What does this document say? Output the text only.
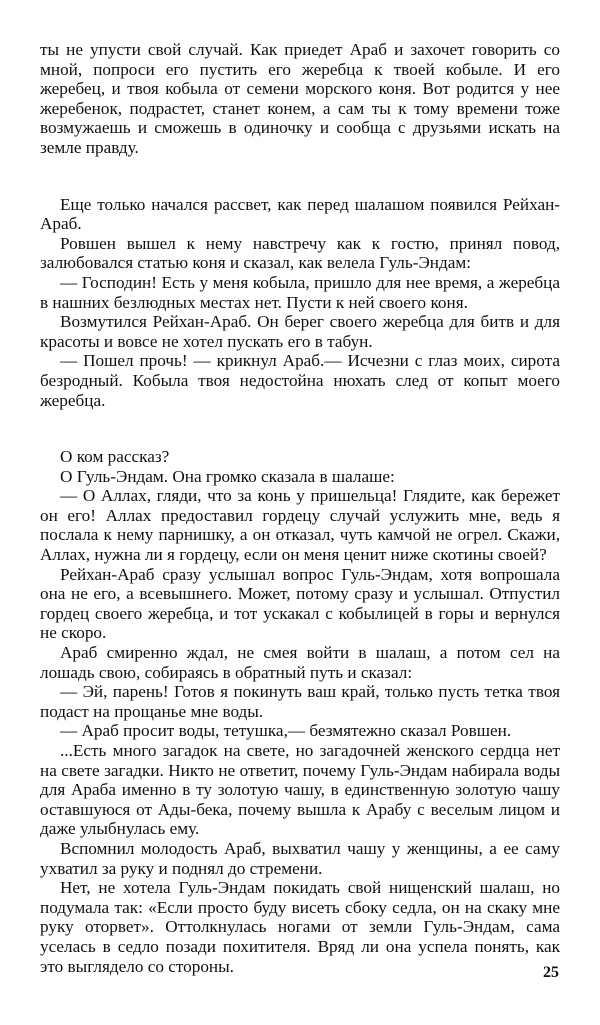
ты не упусти свой случай. Как приедет Араб и захочет говорить со мной, попроси его пустить его жеребца к твоей кобыле. И его жеребец, и твоя кобыла от семени морского коня. Вот родится у нее жеребенок, подрастет, станет конем, а сам ты к тому времени тоже возмужаешь и сможешь в одиночку и сообща с друзьями искать на земле правду.

Еще только начался рассвет, как перед шалашом появился Рейхан-Араб.

Ровшен вышел к нему навстречу как к гостю, принял повод, залюбовался статью коня и сказал, как велела Гуль-Эндам:

— Господин! Есть у меня кобыла, пришло для нее время, а жеребца в нашних безлюдных местах нет. Пусти к ней своего коня.

Возмутился Рейхан-Араб. Он берег своего жеребца для битв и для красоты и вовсе не хотел пускать его в табун.

— Пошел прочь! — крикнул Араб.— Исчезни с глаз моих, сирота безродный. Кобыла твоя недостойна нюхать след от копыт моего жеребца.

О ком рассказ?

О Гуль-Эндам. Она громко сказала в шалаше:

— О Аллах, гляди, что за конь у пришельца! Глядите, как бережет он его! Аллах предоставил гордецу случай услужить мне, ведь я послала к нему парнишку, а он отказал, чуть камчой не огрел. Скажи, Аллах, нужна ли я гордецу, если он меня ценит ниже скотины своей?

Рейхан-Араб сразу услышал вопрос Гуль-Эндам, хотя вопрошала она не его, а всевышнего. Может, потому сразу и услышал. Отпустил гордец своего жеребца, и тот ускакал с кобылицей в горы и вернулся не скоро.

Араб смиренно ждал, не смея войти в шалаш, а потом сел на лошадь свою, собираясь в обратный путь и сказал:

— Эй, парень! Готов я покинуть ваш край, только пусть тетка твоя подаст на прощанье мне воды.

— Араб просит воды, тетушка,— безмятежно сказал Ровшен.

...Есть много загадок на свете, но загадочней женского сердца нет на свете загадки. Никто не ответит, почему Гуль-Эндам набирала воды для Араба именно в ту золотую чашу, в единственную золотую чашу оставшуюся от Ады-бека, почему вышла к Арабу с веселым лицом и даже улыбнулась ему.

Вспомнил молодость Араб, выхватил чашу у женщины, а ее саму ухватил за руку и поднял до стремени.

Нет, не хотела Гуль-Эндам покидать свой нищенский шалаш, но подумала так: «Если просто буду висеть сбоку седла, он на скаку мне руку оторвет». Оттолкнулась ногами от земли Гуль-Эндам, сама уселась в седло позади похитителя. Вряд ли она успела понять, как это выглядело со стороны.	25
